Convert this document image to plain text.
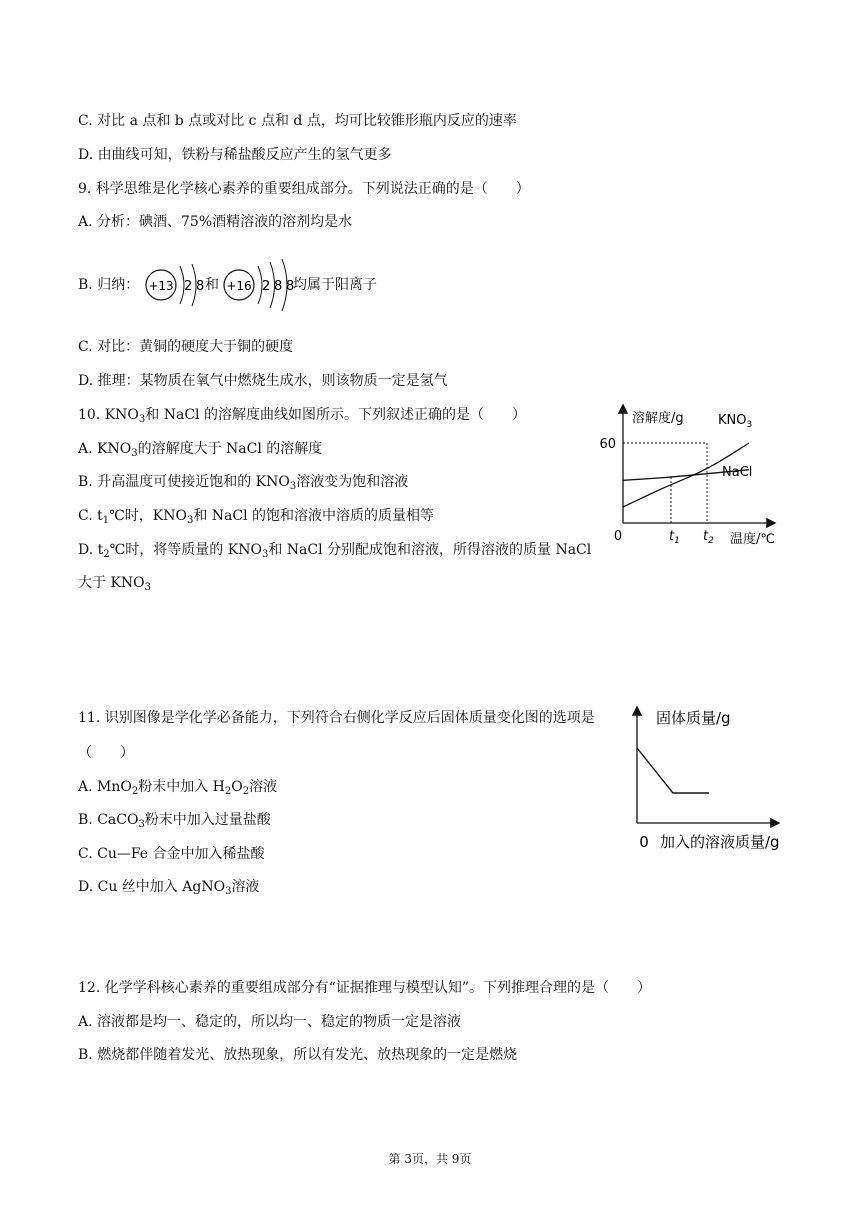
C. 对比 a 点和 b 点或对比 c 点和 d 点，均可比较锥形瓶内反应的速率
D. 由曲线可知，铁粉与稀盐酸反应产生的氢气更多
9. 科学思维是化学核心素养的重要组成部分。下列说法正确的是（　　）
A. 分析：碘酒、75%酒精溶液的溶剂均是水
B. 归纳： +13 2 8 +16 2 8 8
和	均属于阳离子
C. 对比：黄铜的硬度大于铜的硬度
D. 推理：某物质在氧气中燃烧生成水，则该物质一定是氢气
10. $KNO_3$和 NaCl 的溶解度曲线如图所示。下列叙述正确的是（　　）
A. $KNO_3$的溶解度大于 NaCl 的溶解度
B. 升高温度可使接近饱和的 $KNO_3$溶液变为饱和溶液
C. $t_1℃$时，$KNO_3$和 NaCl 的饱和溶液中溶质的质量相等
D. $t_2℃$时，将等质量的 $KNO_3$和 NaCl 分别配成饱和溶液，所得溶液的质量 NaCl
大于 $KNO_3$
溶解度/g
温度/℃
0
60
$KNO_3$
NaCl
$t_1$ $t_2$
11. 识别图像是学化学必备能力，下列符合右侧化学反应后固体质量变化图的选项是
（　　）
A. MnO$_2$粉末中加入 $H_2O_2$溶液
B. CaCO$_3$粉末中加入过量盐酸
C. Cu—Fe 合金中加入稀盐酸
D. Cu 丝中加入 AgNO$_3$溶液
固体质量/g
加入的溶液质量/g
0
12. 化学学科核心素养的重要组成部分有“证据推理与模型认知”。下列推理合理的是（　　）
A. 溶液都是均一、稳定的，所以均一、稳定的物质一定是溶液
B. 燃烧都伴随着发光、放热现象，所以有发光、放热现象的一定是燃烧
第 3页，共 9页
